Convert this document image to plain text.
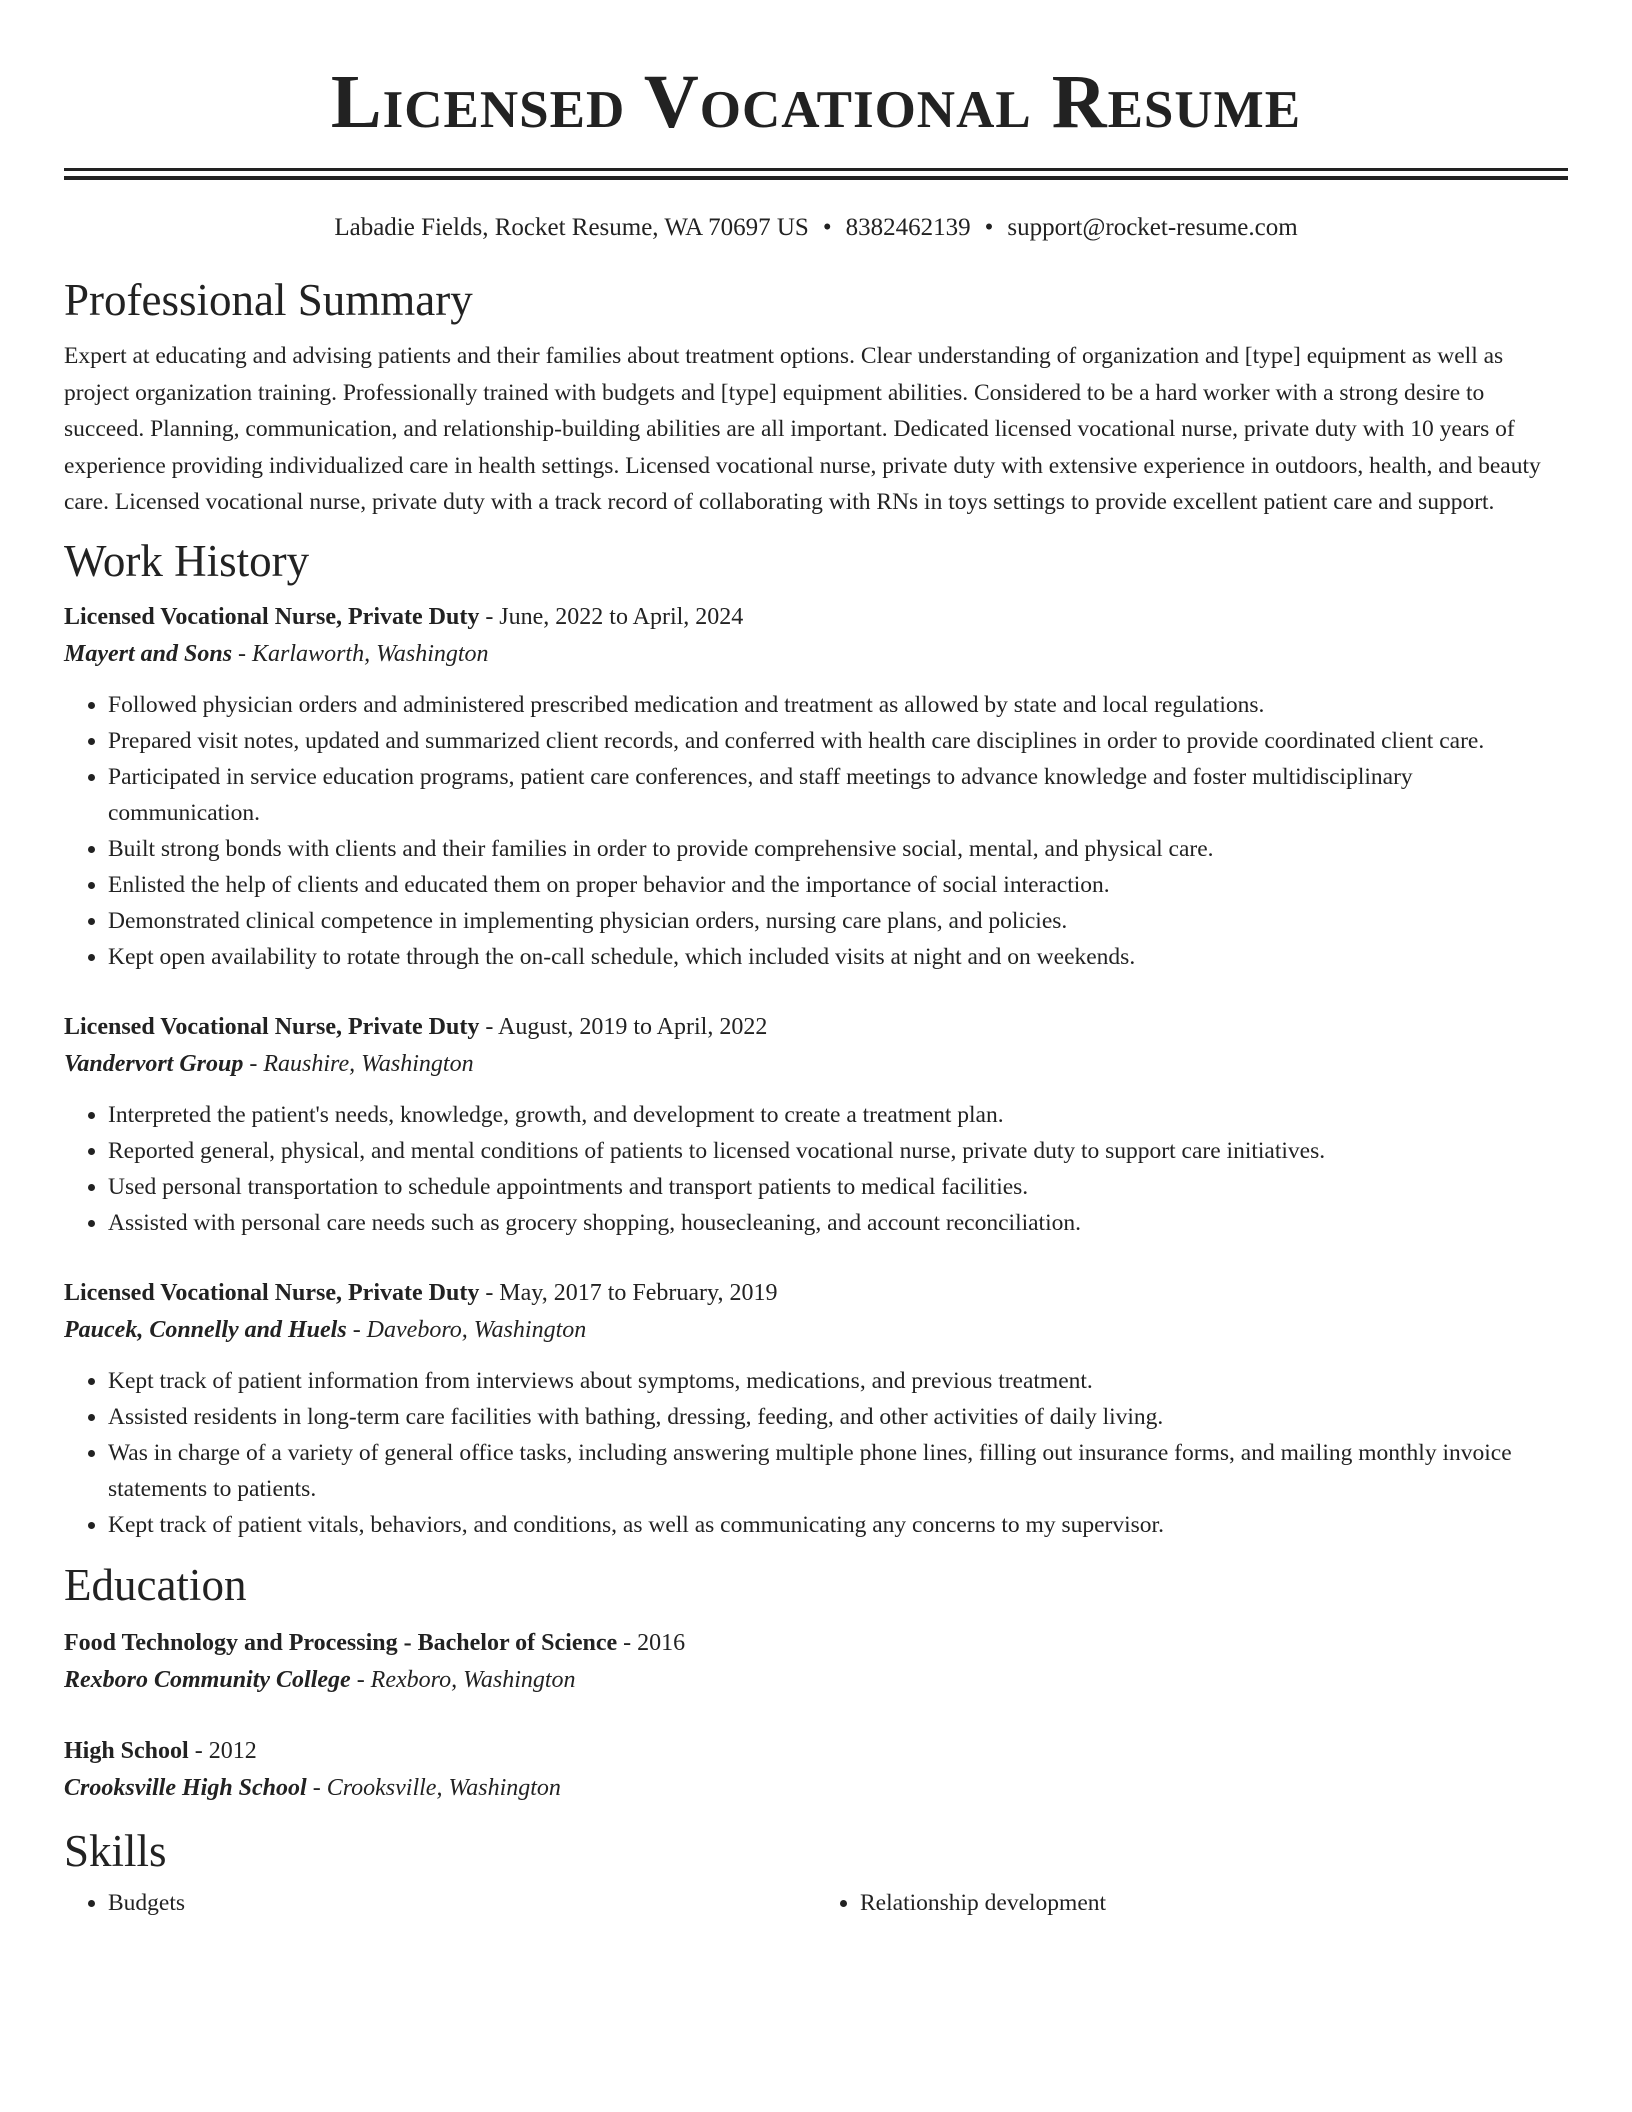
Licensed Vocational Resume
Labadie Fields, Rocket Resume, WA 70697 US • 8382462139 • support@rocket-resume.com
Professional Summary

Expert at educating and advising patients and their families about treatment options. Clear understanding of organization and [type] equipment as well as project organization training. Professionally trained with budgets and [type] equipment abilities. Considered to be a hard worker with a strong desire to succeed. Planning, communication, and relationship-building abilities are all important. Dedicated licensed vocational nurse, private duty with 10 years of experience providing individualized care in health settings. Licensed vocational nurse, private duty with extensive experience in outdoors, health, and beauty care. Licensed vocational nurse, private duty with a track record of collaborating with RNs in toys settings to provide excellent patient care and support.

Work History

Licensed Vocational Nurse, Private Duty - June, 2022 to April, 2024

Mayert and Sons - Karlaworth, Washington

• Followed physician orders and administered prescribed medication and treatment as allowed by state and local regulations.
• Prepared visit notes, updated and summarized client records, and conferred with health care disciplines in order to provide coordinated client care.
• Participated in service education programs, patient care conferences, and staff meetings to advance knowledge and foster multidisciplinary communication.
• Built strong bonds with clients and their families in order to provide comprehensive social, mental, and physical care.
• Enlisted the help of clients and educated them on proper behavior and the importance of social interaction.
• Demonstrated clinical competence in implementing physician orders, nursing care plans, and policies.
• Kept open availability to rotate through the on-call schedule, which included visits at night and on weekends.

Licensed Vocational Nurse, Private Duty - August, 2019 to April, 2022

Vandervort Group - Raushire, Washington

• Interpreted the patient's needs, knowledge, growth, and development to create a treatment plan.
• Reported general, physical, and mental conditions of patients to licensed vocational nurse, private duty to support care initiatives.
• Used personal transportation to schedule appointments and transport patients to medical facilities.
• Assisted with personal care needs such as grocery shopping, housecleaning, and account reconciliation.

Licensed Vocational Nurse, Private Duty - May, 2017 to February, 2019

Paucek, Connelly and Huels - Daveboro, Washington

• Kept track of patient information from interviews about symptoms, medications, and previous treatment.
• Assisted residents in long-term care facilities with bathing, dressing, feeding, and other activities of daily living.
• Was in charge of a variety of general office tasks, including answering multiple phone lines, filling out insurance forms, and mailing monthly invoice statements to patients.
• Kept track of patient vitals, behaviors, and conditions, as well as communicating any concerns to my supervisor.
Education

Food Technology and Processing - Bachelor of Science - 2016

Rexboro Community College - Rexboro, Washington

High School - 2012

Crooksville High School - Crooksville, Washington

Skills
• Budgets
•	Relationship development
